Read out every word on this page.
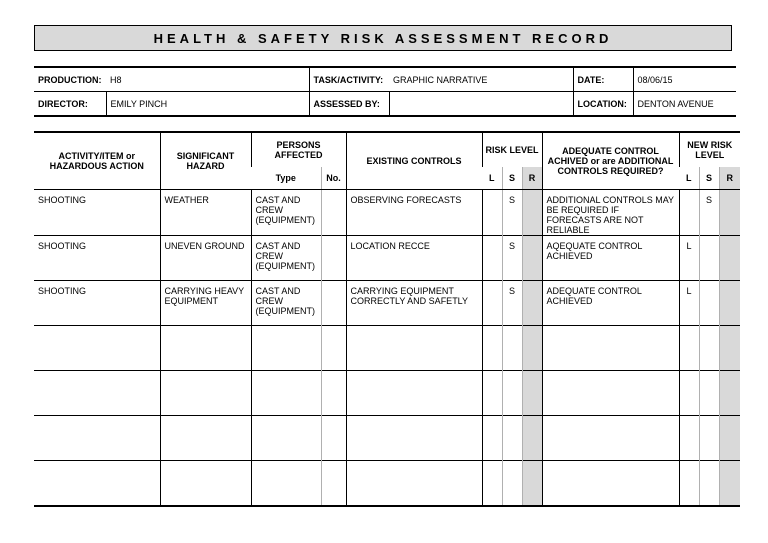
HEALTH & SAFETY RISK ASSESSMENT RECORD
PRODUCTION:	H8	TASK/ACTIVITY:	GRAPHIC NARRATIVE	DATE:	08/06/15
DIRECTOR:	EMILY PINCH	ASSESSED BY:		LOCATION:	DENTON AVENUE
ACTIVITY/ITEM or HAZARDOUS ACTION	SIGNIFICANT HAZARD	PERSONS AFFECTED		EXISTING CONTROLS	RISK LEVEL			ADEQUATE CONTROL ACHIVED or are ADDITIONAL CONTROLS REQUIRED?	NEW RISK LEVEL		
		Type	No.		L	S	R		L	S	R
SHOOTING	WEATHER	CAST AND CREW (EQUIPMENT)		OBSERVING FORECASTS		S		ADDITIONAL CONTROLS MAY BE REQUIRED IF FORECASTS ARE NOT RELIABLE		S	
SHOOTING	UNEVEN GROUND	CAST AND CREW (EQUIPMENT)		LOCATION RECCE		S		AQEQUATE CONTROL ACHIEVED	L		
SHOOTING	CARRYING HEAVY EQUIPMENT	CAST AND CREW (EQUIPMENT)		CARRYING EQUIPMENT CORRECTLY AND SAFETLY		S		ADEQUATE CONTROL ACHIEVED	L		
